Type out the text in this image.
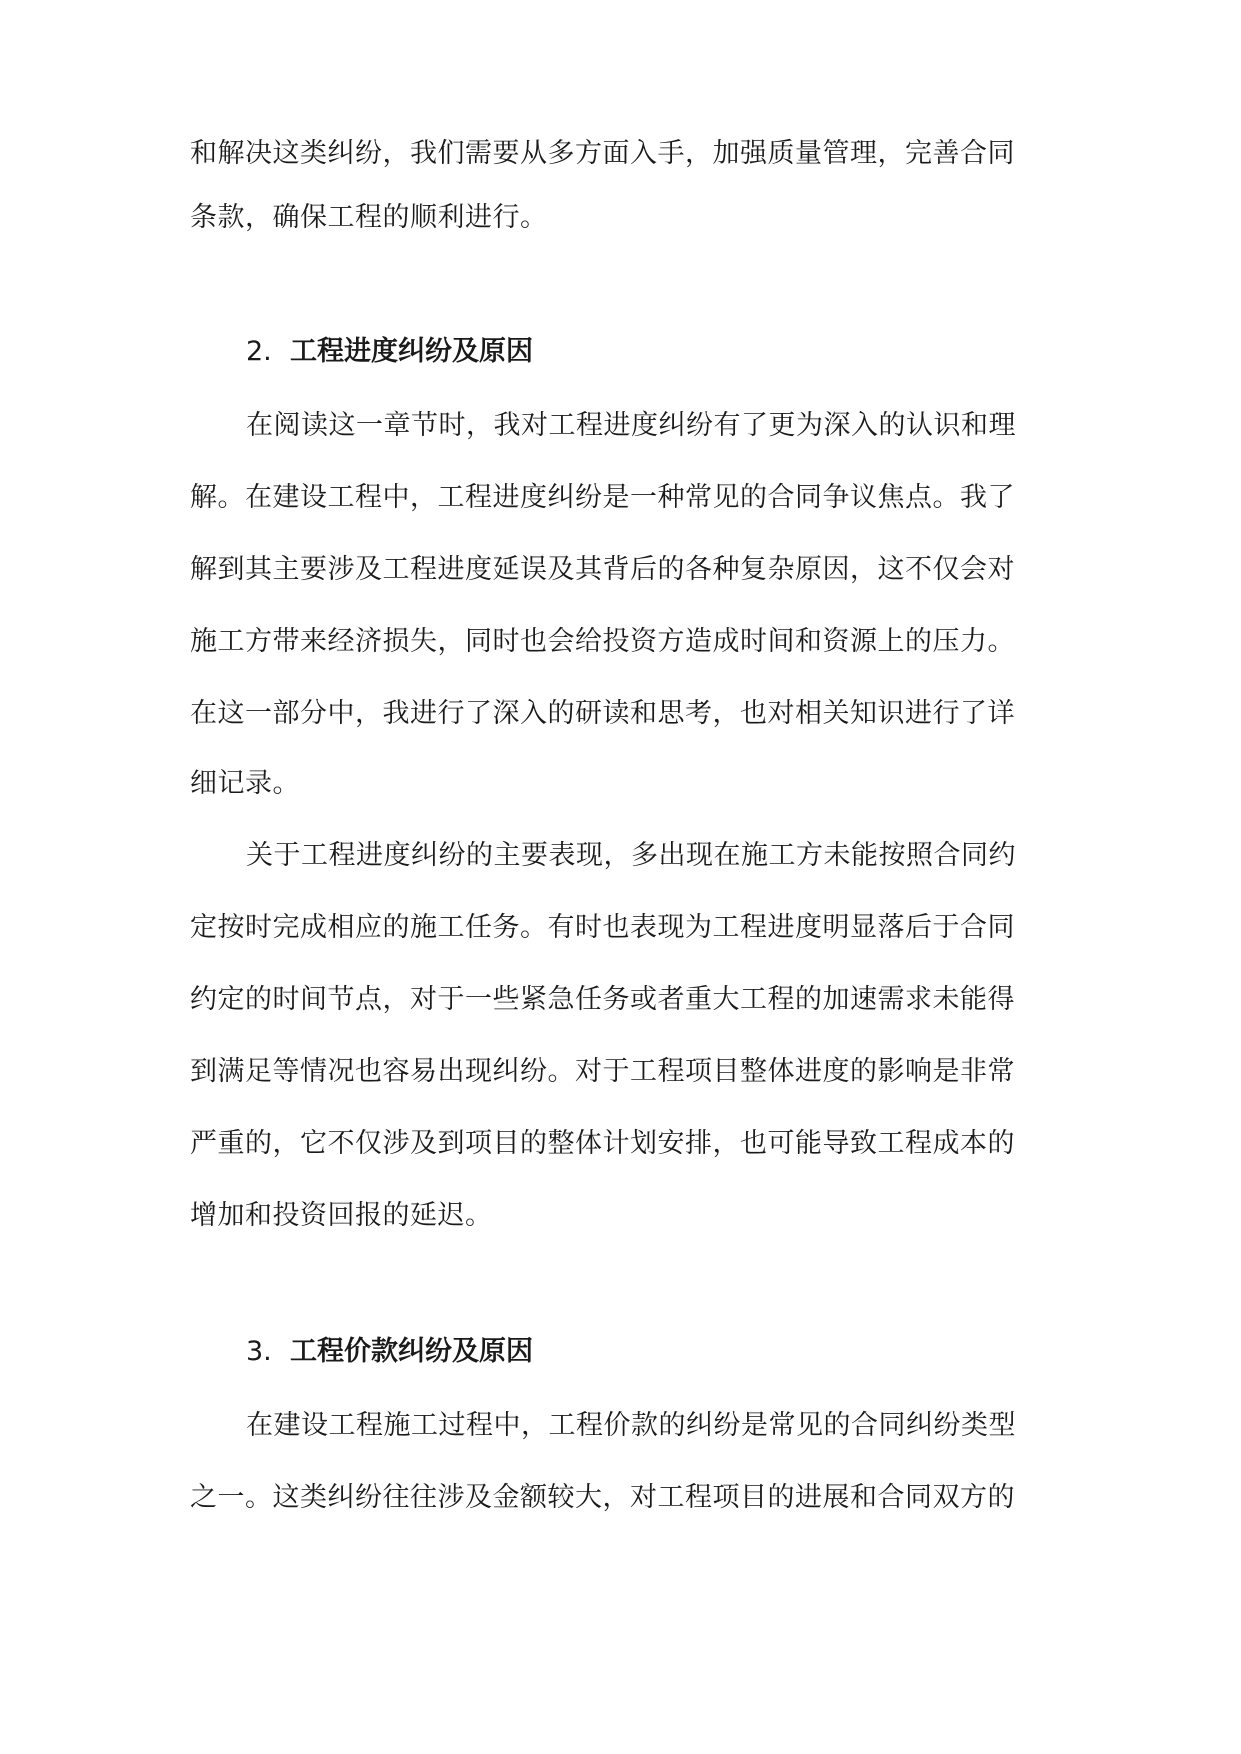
和解决这类纠纷，我们需要从多方面入手，加强质量管理，完善合同
条款，确保工程的顺利进行。
2. 工程进度纠纷及原因
在阅读这一章节时，我对工程进度纠纷有了更为深入的认识和理
解。在建设工程中，工程进度纠纷是一种常见的合同争议焦点。我了
解到其主要涉及工程进度延误及其背后的各种复杂原因，这不仅会对
施工方带来经济损失，同时也会给投资方造成时间和资源上的压力。
在这一部分中，我进行了深入的研读和思考，也对相关知识进行了详
细记录。
关于工程进度纠纷的主要表现，多出现在施工方未能按照合同约
定按时完成相应的施工任务。有时也表现为工程进度明显落后于合同
约定的时间节点，对于一些紧急任务或者重大工程的加速需求未能得
到满足等情况也容易出现纠纷。对于工程项目整体进度的影响是非常
严重的，它不仅涉及到项目的整体计划安排，也可能导致工程成本的
增加和投资回报的延迟。
3. 工程价款纠纷及原因
在建设工程施工过程中，工程价款的纠纷是常见的合同纠纷类型
之一。这类纠纷往往涉及金额较大，对工程项目的进展和合同双方的
